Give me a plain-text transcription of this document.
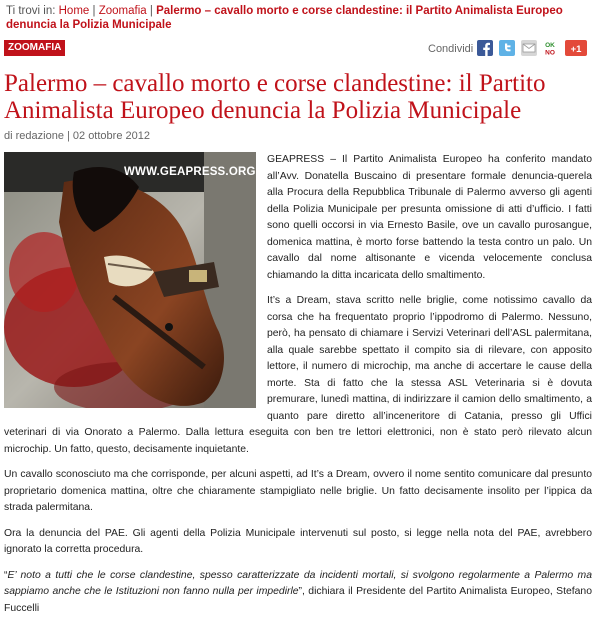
Ti trovi in: Home | Zoomafia | Palermo – cavallo morto e corse clandestine: il Partito Animalista Europeo denuncia la Polizia Municipale
ZOOMAFIA	Condividi	OK
NO +1
Palermo – cavallo morto e corse clandestine: il Partito Animalista Europeo denuncia la Polizia Municipale
di redazione | 02 ottobre 2012
WWW.GEAPRESS.ORG

GEAPRESS – Il Partito Animalista Europeo ha conferito mandato all’Avv. Donatella Buscaino di presentare formale denuncia-querela alla Procura della Repubblica Tribunale di Palermo avverso gli agenti della Polizia Municipale per presunta omissione di atti d’ufficio. I fatti sono quelli occorsi in via Ernesto Basile, ove un cavallo purosangue, domenica mattina, è morto forse battendo la testa contro un palo. Un cavallo dal nome altisonante e vicenda velocemente conclusa chiamando la ditta incaricata dello smaltimento.

It’s a Dream, stava scritto nelle briglie, come notissimo cavallo da corsa che ha frequentato proprio l’ippodromo di Palermo. Nessuno, però, ha pensato di chiamare i Servizi Veterinari dell’ASL palermitana, alla quale sarebbe spettato il compito sia di rilevare, con apposito lettore, il numero di microchip, ma anche di accertare le cause della morte. Sta di fatto che la stessa ASL Veterinaria si è dovuta premurare, lunedì mattina, di indirizzare il camion dello smaltimento, a quanto pare diretto all’inceneritore di Catania, presso gli Uffici veterinari di via Onorato a Palermo. Dalla lettura eseguita con ben tre lettori elettronici, non è stato però rilevato alcun microchip. Un fatto, questo, decisamente inquietante.

Un cavallo sconosciuto ma che corrisponde, per alcuni aspetti, ad It’s a Dream, ovvero il nome sentito comunicare dal presunto proprietario domenica mattina, oltre che chiaramente stampigliato nelle briglie. Un fatto decisamente insolito per l’ippica da strada palermitana.

Ora la denuncia del PAE. Gli agenti della Polizia Municipale intervenuti sul posto, si legge nella nota del PAE, avrebbero ignorato la corretta procedura.

“E’ noto a tutti che le corse clandestine, spesso caratterizzate da incidenti mortali, si svolgono regolarmente a Palermo ma sappiamo anche che le Istituzioni non fanno nulla per impedirle”, dichiara il Presidente del Partito Animalista Europeo, Stefano Fuccelli
